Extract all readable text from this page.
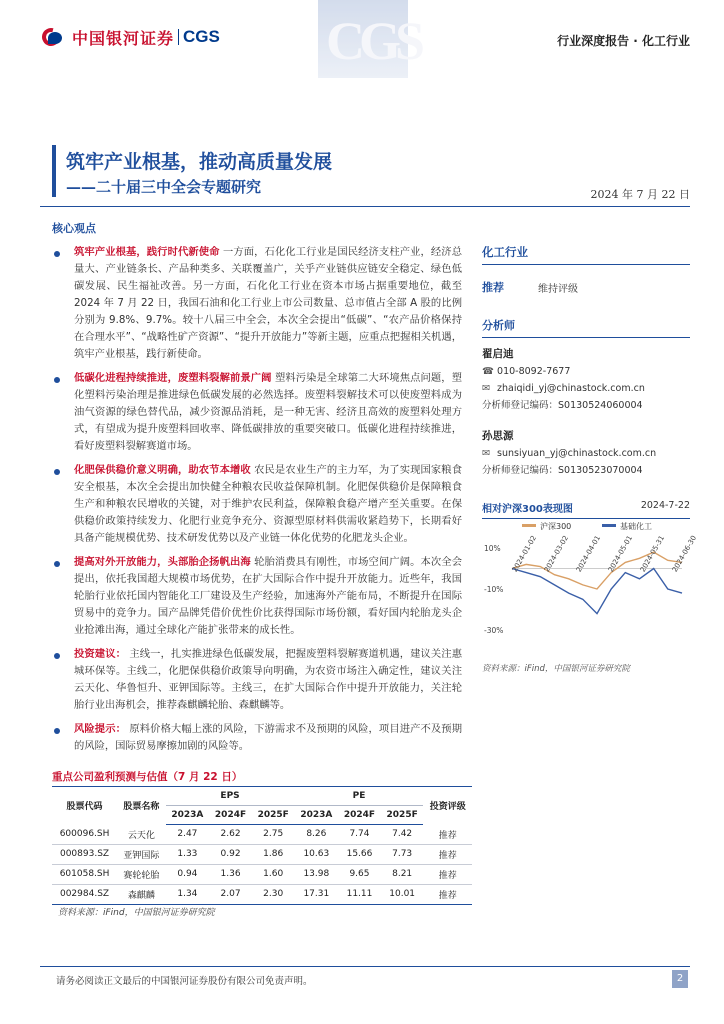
中国银河证券 CGS CGS	行业深度报告 · 化工行业
筑牢产业根基，推动高质量发展
——二十届三中全会专题研究	2024 年 7 月 22 日
核心观点
筑牢产业根基，践行时代新使命 一方面，石化化工行业是国民经济支柱产业，经济总量大、产业链条长、产品种类多、关联覆盖广，关乎产业链供应链安全稳定、绿色低碳发展、民生福祉改善。另一方面，石化化工行业在资本市场占据重要地位，截至 2024 年 7 月 22 日，我国石油和化工行业上市公司数量、总市值占全部 A 股的比例分别为 9.8%、9.7%。较十八届三中全会，本次全会提出“低碳”、“农产品价格保持在合理水平”、“战略性矿产资源”、“提升开放能力”等新主题，应重点把握相关机遇，筑牢产业根基，践行新使命。
低碳化进程持续推进，废塑料裂解前景广阔 塑料污染是全球第二大环境焦点问题，塑化塑料污染治理是推进绿色低碳发展的必然选择。废塑料裂解技术可以使废塑料成为油气资源的绿色替代品，减少资源品消耗，是一种无害、经济且高效的废塑料处理方式，有望成为提升废塑料回收率、降低碳排放的重要突破口。低碳化进程持续推进，看好废塑料裂解赛道市场。
化肥保供稳价意义明确，助农节本增收 农民是农业生产的主力军，为了实现国家粮食安全根基，本次全会提出加快健全种粮农民收益保障机制。化肥保供稳价是保障粮食生产和种粮农民增收的关键，对于维护农民利益，保障粮食稳产增产至关重要。在保供稳价政策持续发力、化肥行业竞争充分、资源型原材料供需收紧趋势下，长期看好具备产能规模优势、技术研发优势以及产业链一体化优势的化肥龙头企业。
提高对外开放能力，头部胎企扬帆出海 轮胎消费具有刚性，市场空间广阔。本次全会提出，依托我国超大规模市场优势，在扩大国际合作中提升开放能力。近些年，我国轮胎行业依托国内智能化工厂建设及生产经验，加速海外产能布局，不断提升在国际贸易中的竞争力。国产品牌凭借价优性价比获得国际市场份额，看好国内轮胎龙头企业抢滩出海，通过全球化产能扩张带来的成长性。
投资建议： 主线一，扎实推进绿色低碳发展，把握废塑料裂解赛道机遇，建议关注惠城环保等。主线二，化肥保供稳价政策导向明确，为农资市场注入确定性，建议关注云天化、华鲁恒升、亚钾国际等。主线三，在扩大国际合作中提升开放能力，关注轮胎行业出海机会，推荐森麒麟轮胎、森麒麟等。
风险提示： 原料价格大幅上涨的风险，下游需求不及预期的风险，项目进产不及预期的风险，国际贸易摩擦加剧的风险等。
化工行业
推荐	维持评级
分析师
翟启迪
☎ 010-8092-7677
✉ zhaiqidi_yj@chinastock.com.cn
分析师登记编码：S0130524060004
孙思源
✉ sunsiyuan_yj@chinastock.com.cn
分析师登记编码：S0130523070004
相对沪深300表现图	2024-7-22
沪深300	基础化工
10%
-10%
-30%
2024-01-02 2024-03-02 2024-04-01 2024-05-01 2024-05-31 2024-06-30
资料来源：iFind，中国银河证券研究院
重点公司盈利预测与估值（7 月 22 日）
股票代码	股票名称	EPS			PE			投资评级
		2023A	2024F	2025F	2023A	2024F	2025F	
600096.SH	云天化	2.47	2.62	2.75	8.26	7.74	7.42	推荐
000893.SZ	亚钾国际	1.33	0.92	1.86	10.63	15.66	7.73	推荐
601058.SH	赛轮轮胎	0.94	1.36	1.60	13.98	9.65	8.21	推荐
002984.SZ	森麒麟	1.34	2.07	2.30	17.31	11.11	10.01	推荐
资料来源：iFind，中国银河证券研究院
请务必阅读正文最后的中国银河证券股份有限公司免责声明。	2
